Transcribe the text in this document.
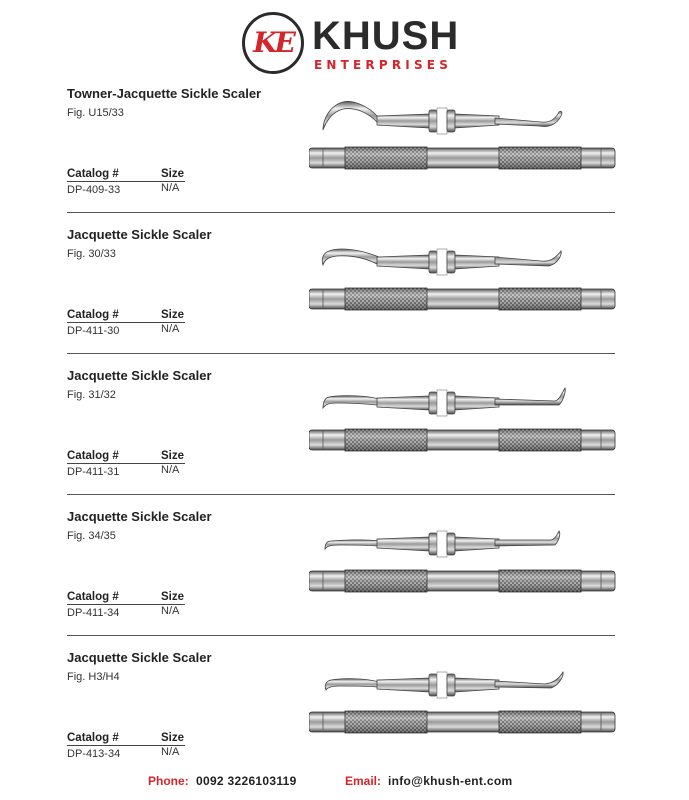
KE KHUSH
ENTERPRISES
Towner-Jacquette Sickle Scaler
Fig. U15/33
Catalog #	Size
DP-409-33	N/A
Jacquette Sickle Scaler
Fig. 30/33
Catalog #	Size
DP-411-30	N/A
Jacquette Sickle Scaler
Fig. 31/32
Catalog #	Size
DP-411-31	N/A
Jacquette Sickle Scaler
Fig. 34/35
Catalog #	Size
DP-411-34	N/A
Jacquette Sickle Scaler
Fig. H3/H4
Catalog #	Size
DP-413-34	N/A
Phone: 0092 3226103119	Email: info@khush-ent.com
